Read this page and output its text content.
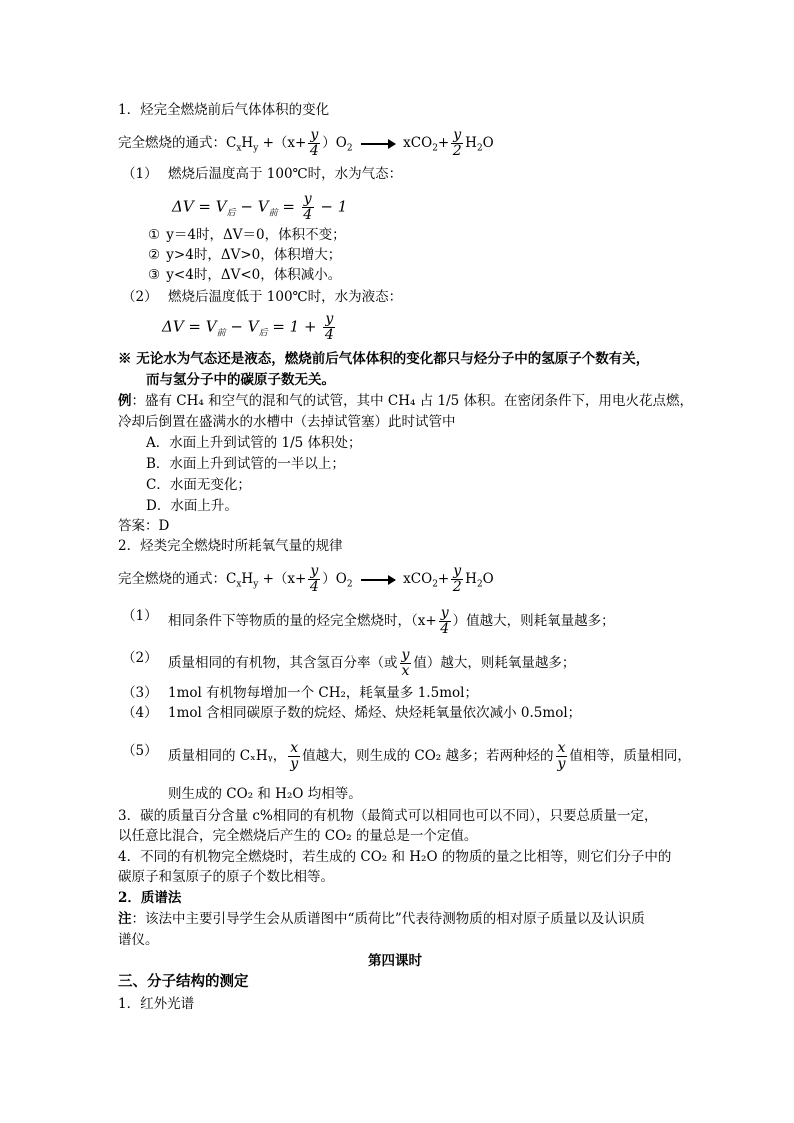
1．烃完全燃烧前后气体体积的变化
完全燃烧的通式：$C_xH_y +(x+ \frac{y}{4} )O_2 \to xCO_2+ \frac{y}{2} H_2O$
（1） 燃烧后温度高于 100℃时，水为气态：
$\Delta V = V_后 - V_前 = \frac{y}{4} - 1$
① y＝4时，ΔV＝0，体积不变；
② y>4时，ΔV>0，体积增大；
③ y<4时，ΔV<0，体积减小。
（2） 燃烧后温度低于 100℃时，水为液态：
$\Delta V = V_前 - V_后 = 1 + \frac{y}{4}$
※ 无论水为气态还是液态，燃烧前后气体体积的变化都只与烃分子中的氢原子个数有关，
而与氢分子中的碳原子数无关。
例：盛有 CH₄ 和空气的混和气的试管，其中 CH₄ 占 1/5 体积。在密闭条件下，用电火花点燃，
冷却后倒置在盛满水的水槽中（去掉试管塞）此时试管中
A．水面上升到试管的 1/5 体积处；
B．水面上升到试管的一半以上；
C．水面无变化；
D．水面上升。
答案：D
2．烃类完全燃烧时所耗氧气量的规律
完全燃烧的通式：$C_xH_y +(x+ \frac{y}{4} )O_2 \to xCO_2+ \frac{y}{2} H_2O$
（1） 相同条件下等物质的量的烃完全燃烧时，（$x+ \frac{y}{4}$ ）值越大，则耗氧量越多；
（2） 质量相同的有机物，其含氢百分率（或 $\frac{y}{x}$ 值）越大，则耗氧量越多；
（3） 1mol 有机物每增加一个 CH₂，耗氧量多 1.5mol；
（4） 1mol 含相同碳原子数的烷烃、烯烃、炔烃耗氧量依次减小 0.5mol；
（5） 质量相同的 CₓHᵧ， $\frac{x}{y}$ 值越大，则生成的 CO₂ 越多；若两种烃的 $\frac{x}{y}$ 值相等，质量相同，
则生成的 CO₂ 和 H₂O 均相等。
3．碳的质量百分含量 c%相同的有机物（最简式可以相同也可以不同），只要总质量一定，
以任意比混合，完全燃烧后产生的 CO₂ 的量总是一个定值。
4．不同的有机物完全燃烧时，若生成的 CO₂ 和 H₂O 的物质的量之比相等，则它们分子中的
碳原子和氢原子的原子个数比相等。
2．质谱法
注：该法中主要引导学生会从质谱图中“质荷比”代表待测物质的相对原子质量以及认识质
谱仪。
第四课时
三、分子结构的测定
1．红外光谱
